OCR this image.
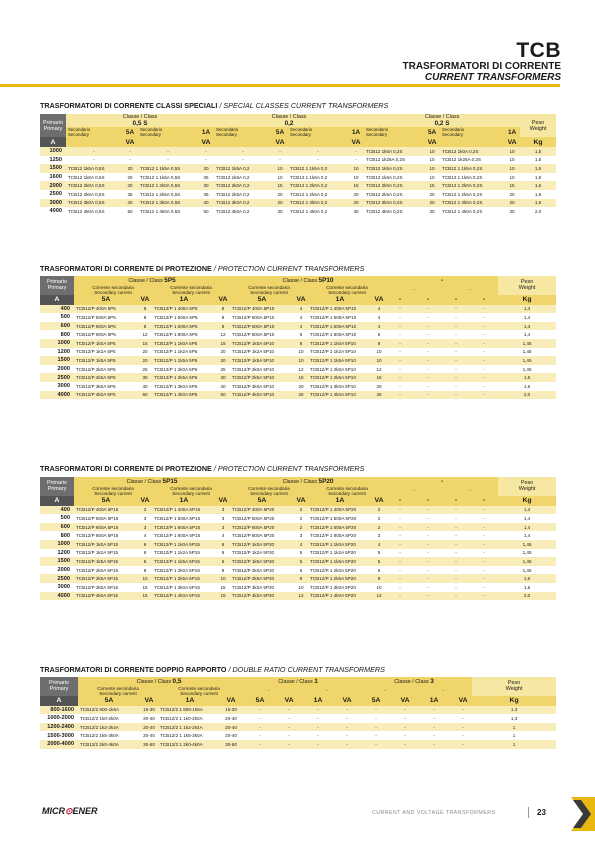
TCB
TRASFORMATORI DI CORRENTE
CURRENT TRANSFORMERS
TRASFORMATORI DI CORRENTE CLASSI SPECIALI / SPECIAL CLASSES CURRENT TRANSFORMERS
Primario
Primary	Classe / Class
0,5 S				Classe / Class
0,2				Classe / Class
0,2 S				Peso
Weight
	Secondario
Secondary	5A	Secondario
Secondary	1A	Secondario
Secondary	5A	Secondario
Secondary	1A	Secondario
Secondary	5A	Secondario
Secondary	1A	
A		VA		VA		VA		VA		VA		VA	Kg
1000	-	-	-	-	-	-	-	-	TCB12 1k0A 0,2S	10	TCB12 1k0A 0,2S	10	1,5
1250	-	-	-	-	-	-	-	-	TCB12 1k25A 0,2S	10	TCB12 1k25A 0,2S	10	1,5
1500	TCB12 1k5A 0,5S	20	TCB12 1 1k5A 0,5S	20	TCB12 1k5A 0,2	10	TCB12 1 1k5A 0,2	10	TCB12 1k5A 0,2S	10	TCB12 1 1k5A 0,2S	10	1,5
1600	TCB12 1k6A 0,5S	25	TCB12 1 1k6A 0,5S	25	TCB12 1k6A 0,2	10	TCB12 1 1k6A 0,2	10	TCB12 1k6A 0,2S	10	TCB12 1 1k6A 0,2S	10	1,5
2000	TCB12 2k0A 0,5S	30	TCB12 1 2k0A 0,5S	30	TCB12 2k0A 0,2	15	TCB12 1 2k0A 0,2	15	TCB12 2k0A 0,2S	15	TCB12 1 2k0A 0,2S	15	1,6
2500	TCB12 2k5A 0,5S	35	TCB12 1 2k5A 0,5S	35	TCB12 2k5A 0,2	20	TCB12 1 2k5A 0,2	20	TCB12 2k5A 0,2S	20	TCB12 1 2k5A 0,2S	20	1,6
3000	TCB12 3k0A 0,5S	40	TCB12 1 3k0A 0,5S	40	TCB12 3k0A 0,2	20	TCB12 1 3k0A 0,2	20	TCB12 3k0A 0,2S	20	TCB12 1 3k0A 0,2S	20	1,6
4000	TCB12 4k0A 0,5S	50	TCB12 1 4k0A 0,5S	50	TCB12 4k0A 0,2	30	TCB12 1 4k0A 0,2	30	TCB12 4k0A 0,2S	30	TCB12 1 4k0A 0,2S	30	2,0
TRASFORMATORI DI CORRENTE DI PROTEZIONE / PROTECTION CURRENT TRANSFORMERS
Primario
Primary	Classe / Class 5P5				Classe / Class 5P10				-				Peso
Weight
	Corrente secondaria
Secondary current		Corrente secondaria
Secondary current		Corrente secondaria
Secondary current		Corrente secondaria
Secondary current		-		-		
A	5A	VA	1A	VA	5A	VA	1A	VA	-	-	-	-	Kg
400	TCB12/P 400A 5P5	8	TCB12/P 1 400A 5P5	8	TCB12/P 400A 5P10	4	TCB12/P 1 400A 5P10	4	-	-	-	-	1,4
500	TCB12/P 500A 5P5	8	TCB12/P 1 500A 5P5	8	TCB12/P 500A 5P10	4	TCB12/P 1 500A 5P10	4	-	-	-	-	1,4
600	TCB12/P 600A 5P5	8	TCB12/P 1 600A 5P5	8	TCB12/P 600A 5P10	4	TCB12/P 1 600A 5P10	4	-	-	-	-	1,4
800	TCB12/P 800A 5P5	12	TCB12/P 1 800A 5P5	12	TCB12/P 800A 5P10	6	TCB12/P 1 800A 5P10	6	-	-	-	-	1,4
1000	TCB12/P 1k0A 5P5	15	TCB12/P 1 1k0A 5P5	15	TCB12/P 1k0A 5P10	8	TCB12/P 1 1k0A 5P10	8	-	-	-	-	1,45
1200	TCB12/P 1k2A 5P5	20	TCB12/P 1 1k2A 5P5	20	TCB12/P 1k2A 5P10	10	TCB12/P 1 1k2A 5P10	10	-	-	-	-	1,45
1500	TCB12/P 1k5A 5P5	20	TCB12/P 1 1k5A 5P5	20	TCB12/P 1k5A 5P10	10	TCB12/P 1 1k5A 5P10	10	-	-	-	-	1,45
2000	TCB12/P 2k0A 5P5	25	TCB12/P 1 2k0A 5P5	25	TCB12/P 2k0A 5P10	12	TCB12/P 1 2k0A 5P10	12	-	-	-	-	1,45
2500	TCB12/P 2k5A 5P5	30	TCB12/P 1 2k5A 5P5	30	TCB12/P 2k5A 5P10	15	TCB12/P 1 2k5A 5P10	15	-	-	-	-	1,6
3000	TCB12/P 3k0A 5P5	40	TCB12/P 1 3k0A 5P5	40	TCB12/P 3k0A 5P10	20	TCB12/P 1 3k0A 5P10	20	-	-	-	-	1,6
4000	TCB12/P 4k0A 5P5	50	TCB12/P 1 4k0A 5P5	50	TCB12/P 4k0A 5P10	25	TCB12/P 1 4k0A 5P10	25	-	-	-	-	2,0
TRASFORMATORI DI CORRENTE DI PROTEZIONE / PROTECTION CURRENT TRANSFORMERS
Primario
Primary	Classe / Class 5P15				Classe / Class 5P20				-				Peso
Weight
	Corrente secondaria
Secondary current		Corrente secondaria
Secondary current		Corrente secondaria
Secondary current		Corrente secondaria
Secondary current		-		-		
A	5A	VA	1A	VA	5A	VA	1A	VA	-	-	-	-	Kg
400	TCB12/P 400A 5P15	3	TCB12/P 1 400A 5P15	3	TCB12/P 400A 5P20	2	TCB12/P 1 400A 5P20	2	-	-	-	-	1,4
500	TCB12/P 500A 5P15	3	TCB12/P 1 500A 5P15	3	TCB12/P 500A 5P20	2	TCB12/P 1 500A 5P20	2	-	-	-	-	1,4
600	TCB12/P 600A 5P15	3	TCB12/P 1 600A 5P15	3	TCB12/P 600A 5P20	2	TCB12/P 1 600A 5P20	2	-	-	-	-	1,4
800	TCB12/P 800A 5P15	4	TCB12/P 1 800A 5P15	4	TCB12/P 800A 5P20	3	TCB12/P 1 800A 5P20	3	-	-	-	-	1,4
1000	TCB12/P 1k0A 5P15	6	TCB12/P 1 1k0A 5P15	6	TCB12/P 1k0A 5P20	4	TCB12/P 1 1k0A 5P20	4	-	-	-	-	1,45
1200	TCB12/P 1k2A 5P15	6	TCB12/P 1 1k2A 5P15	6	TCB12/P 1k2A 5P20	5	TCB12/P 1 1k2A 5P20	5	-	-	-	-	1,45
1500	TCB12/P 1k5A 5P15	6	TCB12/P 1 1k5A 5P15	6	TCB12/P 1k5A 5P20	5	TCB12/P 1 1k5A 5P20	5	-	-	-	-	1,45
2000	TCB12/P 2k0A 5P15	8	TCB12/P 1 2k0A 5P15	8	TCB12/P 2k0A 5P20	6	TCB12/P 1 2k0A 5P20	6	-	-	-	-	1,45
2500	TCB12/P 2k5A 5P15	10	TCB12/P 1 2k5A 5P15	10	TCB12/P 2k5A 5P20	8	TCB12/P 1 2k5A 5P20	8	-	-	-	-	1,6
3000	TCB12/P 3k0A 5P15	15	TCB12/P 1 3k0A 5P15	15	TCB12/P 3k0A 5P20	10	TCB12/P 1 3k0A 5P20	10	-	-	-	-	1,6
4000	TCB12/P 4k0A 5P15	15	TCB12/P 1 4k0A 5P15	15	TCB12/P 4k0A 5P20	12	TCB12/P 1 4k0A 5P20	12	-	-	-	-	2,0
TRASFORMATORI DI CORRENTE DOPPIO RAPPORTO / DOUBLE RATIO CURRENT TRANSFORMERS
Primario
Primary	Classe / Class 0,5				Classe / Class 1				Classe / Class 3				Peso
Weight
	Corrente secondaria
Secondary current		Corrente secondaria
Secondary current		-		-		-		-		
A	5A	VA	1A	VA	5A	VA	1A	VA	5A	VA	1A	VA	Kg
800-1600	TCB12/2 800-1k6A	15-30	TCB12/2 1 800-1k6A	15-30	-	-	-	-	-	-	-	-	1,3
1000-2000	TCB12/2 1k0-2k0A	20-40	TCB12/2 1 1k0-2k0A	20-40	-	-	-	-	-	-	-	-	1,3
1200-2400	TCB12/2 1k2-2k4A	20-40	TCB12/2 1 1k2-2k4A	20-40	-	-	-	-	-	-	-	-	1
1500-3000	TCB12/2 1k5-3k0A	20-40	TCB12/2 1 1k5-3k0A	20-40	-	-	-	-	-	-	-	-	1
2000-4000	TCB12/2 2k0-4k0A	30-60	TCB12/2 1 2k0-4k0A	30-60	-	-	-	-	-	-	-	-	1
MICR⊙ENER	CURRENT AND VOLTAGE TRANSFORMERS	23
